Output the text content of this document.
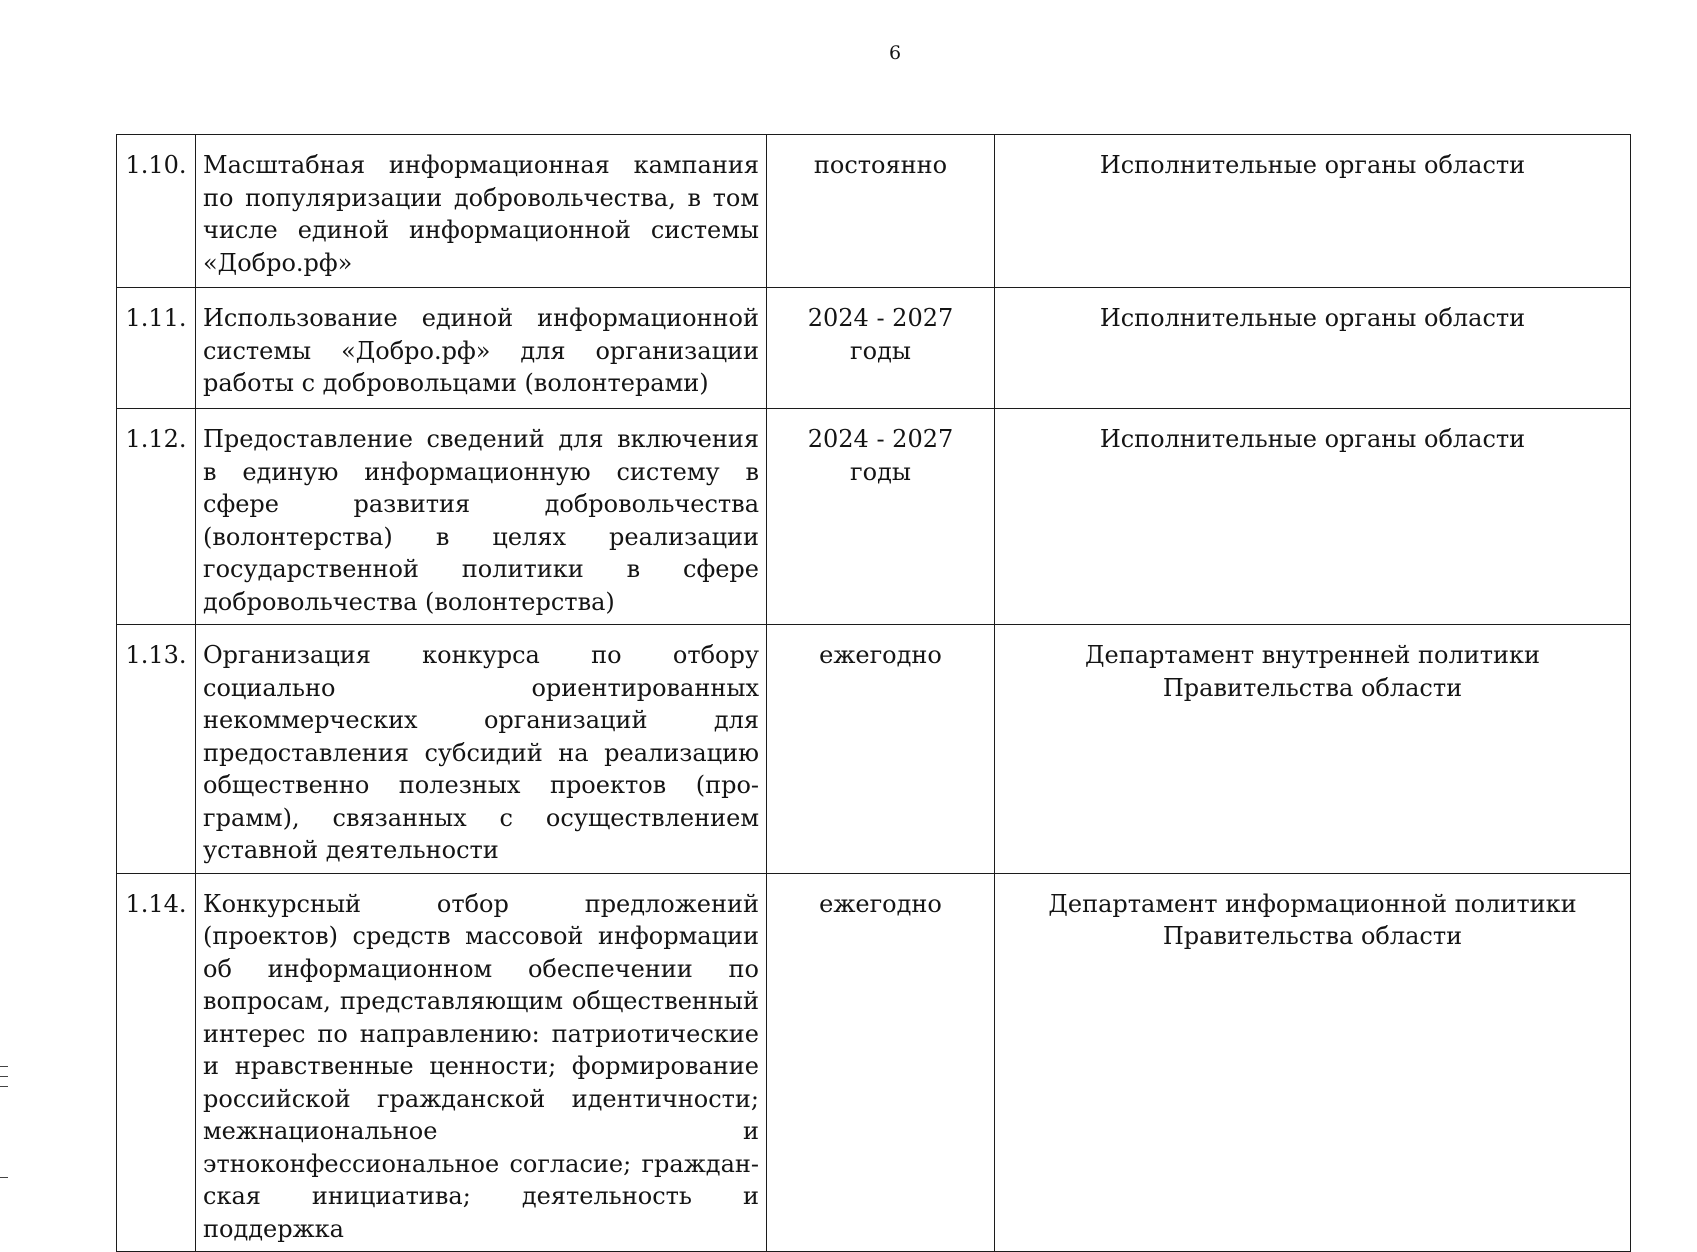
6
1.10.	Масштабная информационная кампания по популяризации добровольчества, в том числе единой информационной системы «Добро.рф»	постоянно	Исполнительные органы области
1.11.	Использование единой информационной системы «Добро.рф» для организации работы с добровольцами (волонтерами)	2024 - 2027 годы	Исполнительные органы области
1.12.	Предоставление сведений для включения в единую информационную систему в сфере развития добровольчества (волонтерства) в целях реализации государственной политики в сфере добровольчества (волонтерства)	2024 - 2027 годы	Исполнительные органы области
1.13.	Организация конкурса по отбору социально ориентированных некоммерческих организаций для предоставления субсидий на реализацию общественно полезных проектов (программ), связанных с осуществлением уставной деятельности	ежегодно	Департамент внутренней политики Правительства области
1.14.	Конкурсный отбор предложений (проектов) средств массовой информации об информационном обеспечении по вопросам, представляющим общественный интерес по направлению: патриотические и нравственные ценности; формирование российской гражданской идентичности; межнациональное и этноконфессиональное согласие; гражданская инициатива; деятельность и поддержка	ежегодно	Департамент информационной политики Правительства области
